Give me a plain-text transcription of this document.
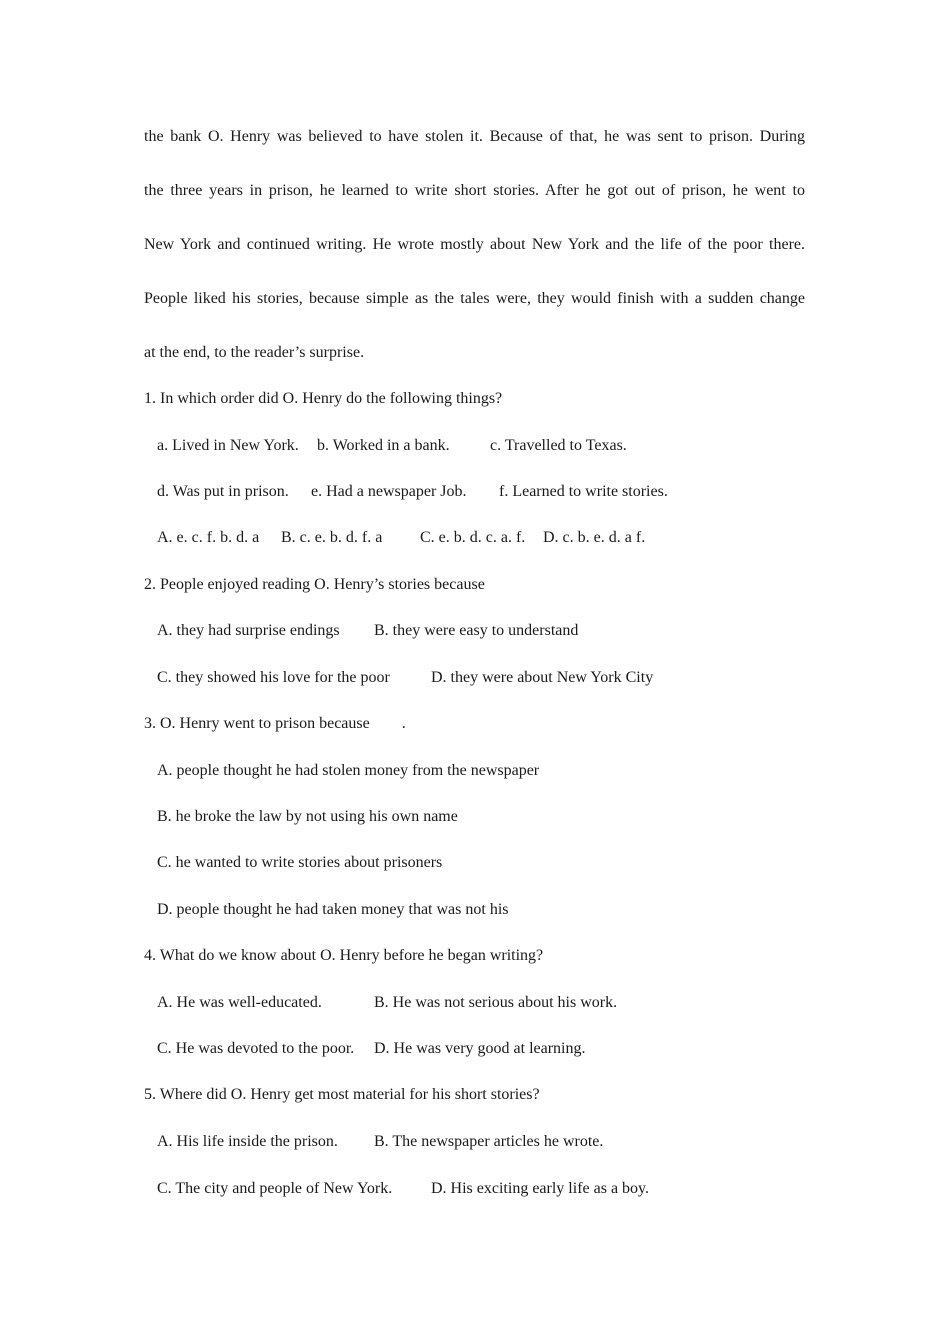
the bank O. Henry was believed to have stolen it. Because of that, he was sent to prison. During
the three years in prison, he learned to write short stories. After he got out of prison, he went to
New York and continued writing. He wrote mostly about New York and the life of the poor there.
People liked his stories, because simple as the tales were, they would finish with a sudden change
at the end, to the reader’s surprise.
1. In which order did O. Henry do the following things?
a. Lived in New York. b. Worked in a bank.	c. Travelled to Texas.
d. Was put in prison. e. Had a newspaper Job. f. Learned to write stories.
A. e. c. f. b. d. a B. c. e. b. d. f. a C. e. b. d. c. a. f. D. c. b. e. d. a f.
2. People enjoyed reading O. Henry’s stories because
A. they had surprise endings B. they were easy to understand
C. they showed his love for the poor	D. they were about New York City
3. O. Henry went to prison because        .
A. people thought he had stolen money from the newspaper
B. he broke the law by not using his own name
C. he wanted to write stories about prisoners
D. people thought he had taken money that was not his
4. What do we know about O. Henry before he began writing?
A. He was well-educated.	B. He was not serious about his work.
C. He was devoted to the poor. D. He was very good at learning.
5. Where did O. Henry get most material for his short stories?
A. His life inside the prison. B. The newspaper articles he wrote.
C. The city and people of New York. D. His exciting early life as a boy.
